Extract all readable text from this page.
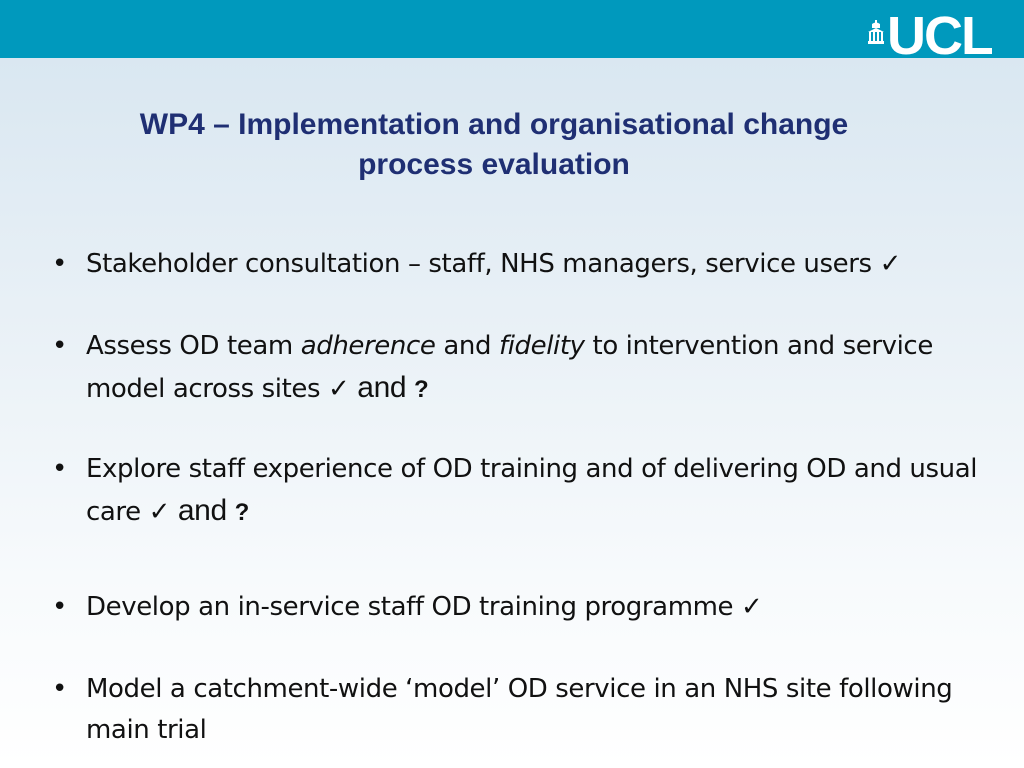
UCL
WP4 – Implementation and organisational change
process evaluation
• Stakeholder consultation – staff, NHS managers, service users ✓
• Assess OD team adherence and fidelity to intervention and service model across sites ✓ and ?
• Explore staff experience of OD training and of delivering OD and usual care ✓ and ?
• Develop an in-service staff OD training programme ✓
• Model a catchment-wide ‘model’ OD service in an NHS site following main trial
